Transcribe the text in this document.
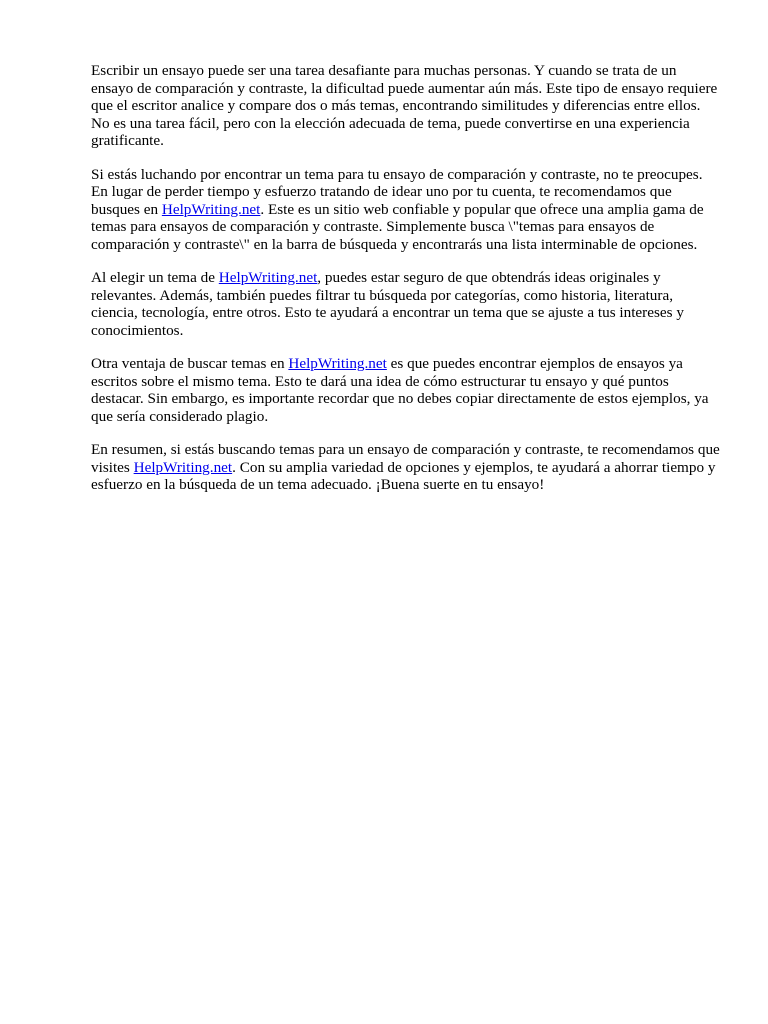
Escribir un ensayo puede ser una tarea desafiante para muchas personas. Y cuando se trata de un ensayo de comparación y contraste, la dificultad puede aumentar aún más. Este tipo de ensayo requiere que el escritor analice y compare dos o más temas, encontrando similitudes y diferencias entre ellos. No es una tarea fácil, pero con la elección adecuada de tema, puede convertirse en una experiencia gratificante.

Si estás luchando por encontrar un tema para tu ensayo de comparación y contraste, no te preocupes. En lugar de perder tiempo y esfuerzo tratando de idear uno por tu cuenta, te recomendamos que busques en HelpWriting.net. Este es un sitio web confiable y popular que ofrece una amplia gama de temas para ensayos de comparación y contraste. Simplemente busca \"temas para ensayos de comparación y contraste\" en la barra de búsqueda y encontrarás una lista interminable de opciones.

Al elegir un tema de HelpWriting.net, puedes estar seguro de que obtendrás ideas originales y relevantes. Además, también puedes filtrar tu búsqueda por categorías, como historia, literatura, ciencia, tecnología, entre otros. Esto te ayudará a encontrar un tema que se ajuste a tus intereses y conocimientos.

Otra ventaja de buscar temas en HelpWriting.net es que puedes encontrar ejemplos de ensayos ya escritos sobre el mismo tema. Esto te dará una idea de cómo estructurar tu ensayo y qué puntos destacar. Sin embargo, es importante recordar que no debes copiar directamente de estos ejemplos, ya que sería considerado plagio.

En resumen, si estás buscando temas para un ensayo de comparación y contraste, te recomendamos que visites HelpWriting.net. Con su amplia variedad de opciones y ejemplos, te ayudará a ahorrar tiempo y esfuerzo en la búsqueda de un tema adecuado. ¡Buena suerte en tu ensayo!
